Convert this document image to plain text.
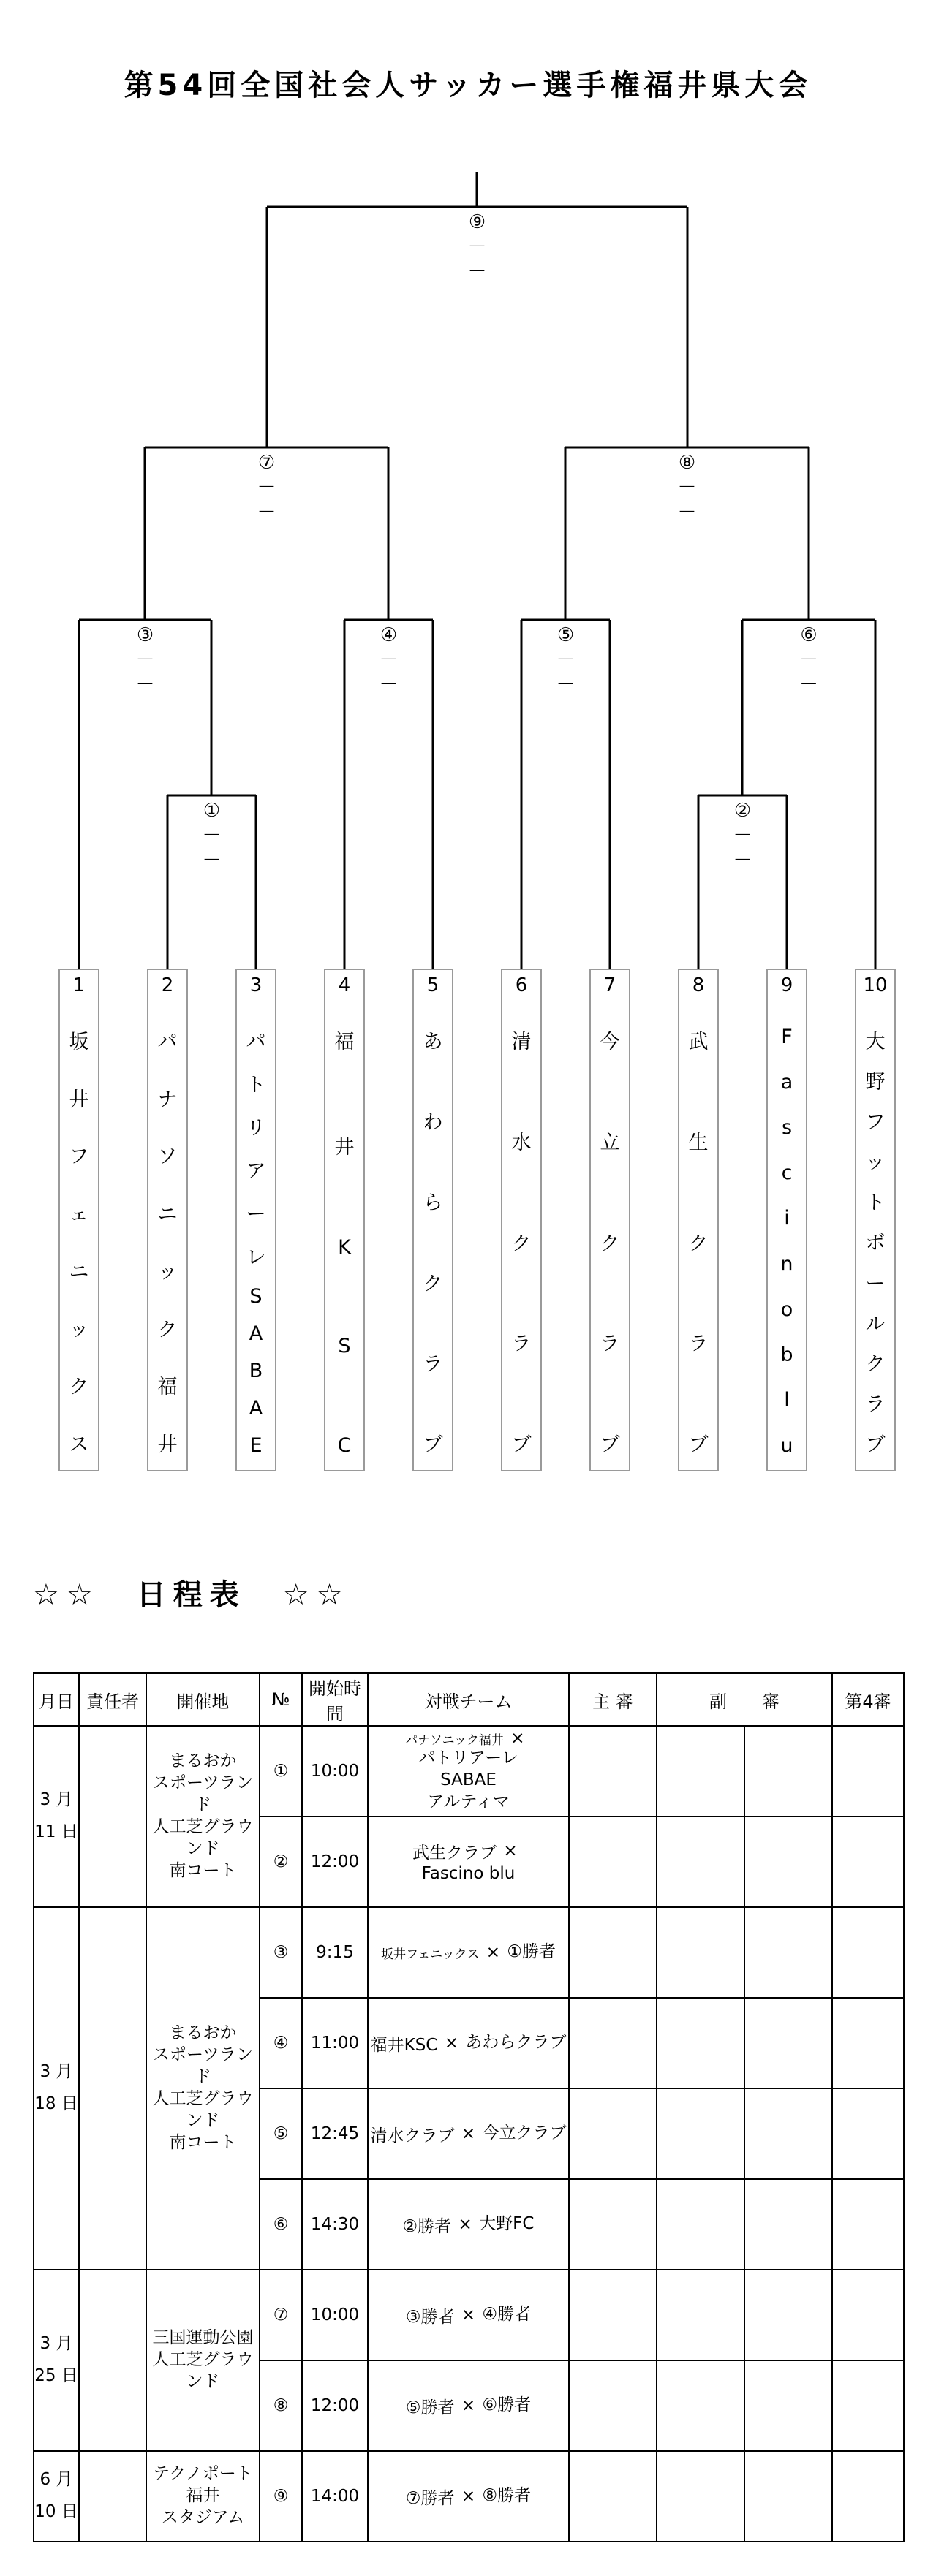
第54回全国社会人サッカー選手権福井県大会
①
－
－
②
－
－
③
－
－
④
－
－
⑤
－
－
⑥
－
－
⑦
－
－
⑧
－
－
⑨
－
－
1
坂
井
フ
ェ
ニ
ッ
ク
ス
2
パ
ナ
ソ
ニ
ッ
ク
福
井
3
パ
ト
リ
ア
ー
レ
S
A
B
A
E
4
福
井
K
S
C
5
あ
わ
ら
ク
ラ
ブ
6
清
水
ク
ラ
ブ
7
今
立
ク
ラ
ブ
8
武
生
ク
ラ
ブ
9
F
a
s
c
i
n
o
b
l
u
10
大
野
フ
ッ
ト
ボ
ー
ル
ク
ラ
ブ
☆☆　日程表　☆☆
月日	責任者	開催地	№	開始時間	対戦チーム	主 審	副　　審		第4審

3 月
11 日		まるおか
スポーツランド
人工芝グラウンド
南コート	①	10:00	パナソニック福井 ×
パトリアーレ
SABAE
アルティマ				

			②	12:00	武生クラブ ×
Fascino blu				

3 月
18 日		まるおか
スポーツランド
人工芝グラウンド
南コート	③	9:15	坂井フェニックス × ①勝者				

			④	11:00	福井KSC × あわらクラブ				

			⑤	12:45	清水クラブ × 今立クラブ				

			⑥	14:30	②勝者 × 大野FC				

3 月
25 日		三国運動公園
人工芝グラウンド	⑦	10:00	③勝者 × ④勝者				

			⑧	12:00	⑤勝者 × ⑥勝者				

6 月
10 日		テクノポート福井
スタジアム	⑨	14:00	⑦勝者 × ⑧勝者				
